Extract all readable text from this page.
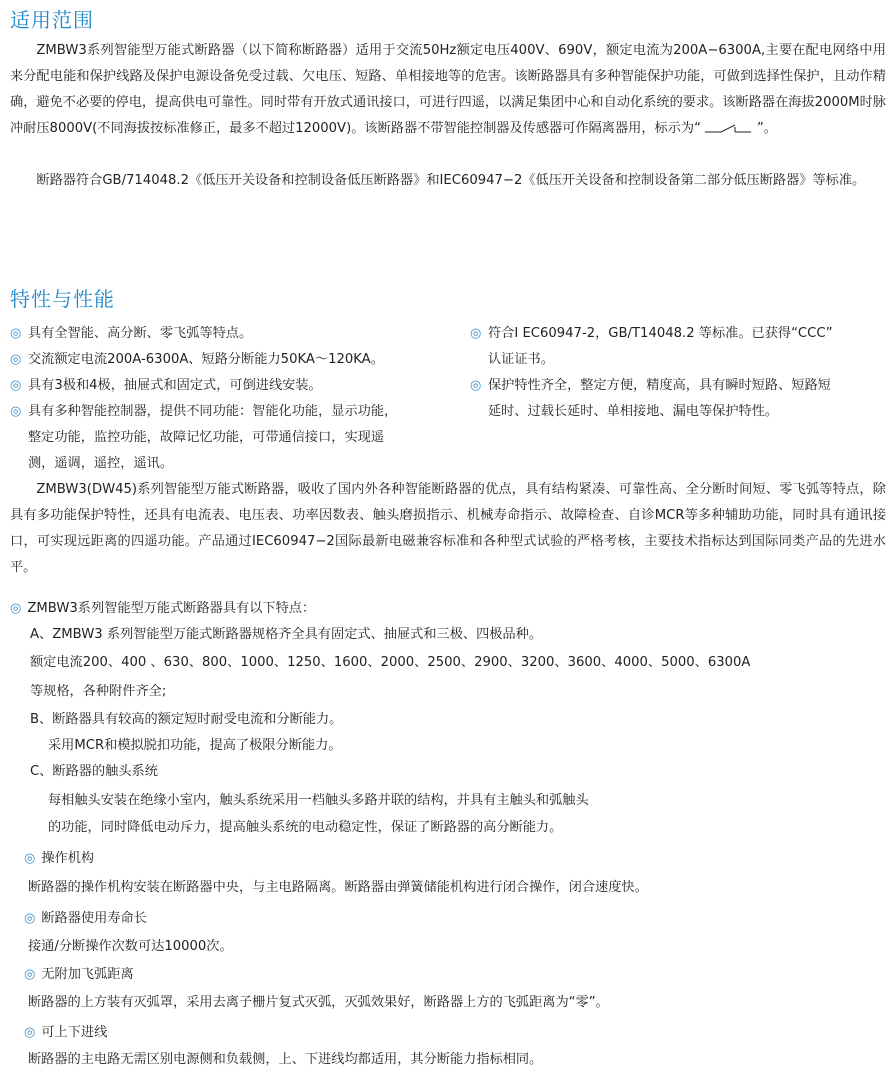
适用范围

ZMBW3系列智能型万能式断路器（以下简称断路器）适用于交流50Hz额定电压400V、690V，额定电流为200A−6300A,主要在配电网络中用来分配电能和保护线路及保护电源设备免受过载、欠电压、短路、单相接地等的危害。该断路器具有多种智能保护功能，可做到选择性保护，且动作精确，避免不必要的停电，提高供电可靠性。同时带有开放式通讯接口，可进行四遥，以满足集团中心和自动化系统的要求。该断路器在海拔2000M时脉冲耐压8000V(不同海拔按标准修正，最多不超过12000V)。该断路器不带智能控制器及传感器可作隔离器用，标示为“	”。

断路器符合GB/714048.2《低压开关设备和控制设备低压断路器》和IEC60947−2《低压开关设备和控制设备第二部分低压断路器》等标准。

特性与性能
◎ 具有全智能、高分断、零飞弧等特点。
◎ 交流额定电流200A-6300A、短路分断能力50KA～120KA。
◎ 具有3极和4极，抽屉式和固定式，可倒进线安装。
◎ 具有多种智能控制器，提供不同功能：智能化功能，显示功能，
整定功能，监控功能，故障记忆功能，可带通信接口，实现遥
测，遥调，遥控，遥讯。
◎ 符合I EC60947-2，GB/T14048.2 等标准。已获得“CCC”
认证证书。
◎ 保护特性齐全，整定方便，精度高，具有瞬时短路、短路短
延时、过载长延时、单相接地、漏电等保护特性。

ZMBW3(DW45)系列智能型万能式断路器，吸收了国内外各种智能断路器的优点，具有结构紧凑、可靠性高、全分断时间短、零飞弧等特点，除具有多功能保护特性，还具有电流表、电压表、功率因数表、触头磨损指示、机械寿命指示、故障检查、自诊MCR等多种辅助功能，同时具有通讯接口，可实现远距离的四遥功能。产品通过IEC60947−2国际最新电磁兼容标准和各种型式试验的严格考核，主要技术指标达到国际同类产品的先进水平。

◎ ZMBW3系列智能型万能式断路器具有以下特点：
A、ZMBW3 系列智能型万能式断路器规格齐全具有固定式、抽屉式和三极、四极品种。
额定电流200、400 、630、800、1000、1250、1600、2000、2500、2900、3200、3600、4000、5000、6300A
等规格，各种附件齐全;
B、断路器具有较高的额定短时耐受电流和分断能力。
采用MCR和模拟脱扣功能，提高了极限分断能力。
C、断路器的触头系统
每相触头安装在绝缘小室内，触头系统采用一档触头多路并联的结构，并具有主触头和弧触头
的功能，同时降低电动斥力，提高触头系统的电动稳定性，保证了断路器的高分断能力。
◎ 操作机构
断路器的操作机构安装在断路器中央，与主电路隔离。断路器由弹簧储能机构进行闭合操作，闭合速度快。
◎ 断路器使用寿命长
接通/分断操作次数可达10000次。
◎ 无附加飞弧距离
断路器的上方装有灭弧罩，采用去离子栅片复式灭弧，灭弧效果好，断路器上方的飞弧距离为“零”。
◎ 可上下进线
断路器的主电路无需区别电源侧和负载侧，上、下进线均都适用，其分断能力指标相同。
